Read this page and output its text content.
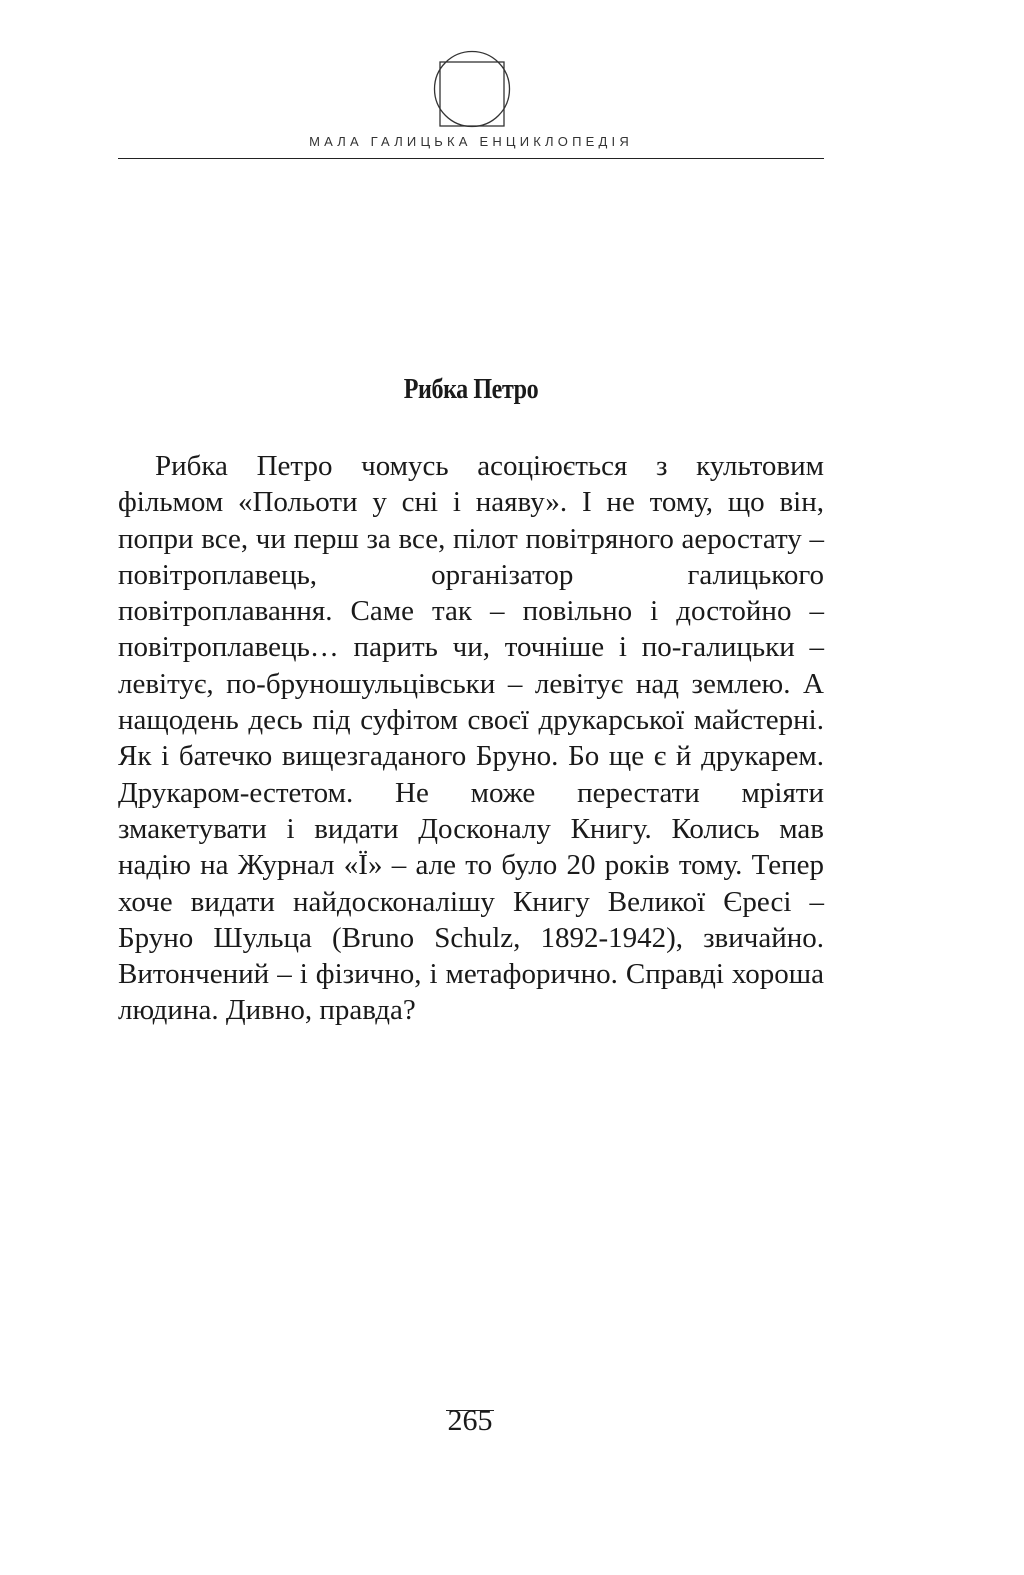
МАЛА ГАЛИЦЬКА ЕНЦИКЛОПЕДІЯ
Рибка Петро

Рибка Петро чомусь асоціюється з культовим фільмом «Польоти у сні і наяву». І не тому, що він, попри все, чи перш за все, пілот повітряного аеростату – повітроплавець, організатор галицького повітроплавання. Саме так – повільно і достойно – повітроплавець… парить чи, точніше і по-галицьки – левітує, по-бруношульцівськи – левітує над землею. А нащодень десь під суфітом своєї друкарської майстерні. Як і батечко вищезгаданого Бруно. Бо ще є й друкарем. Друкаром-естетом. Не може перестати мріяти змакетувати і видати Досконалу Книгу. Колись мав надію на Журнал «Ї» – але то було 20 років тому. Тепер хоче видати найдосконалішу Книгу Великої Єресі – Бруно Шульца (Bruno Schulz, 1892-1942), звичайно. Витончений – і фізично, і метафорично. Справді хороша людина. Дивно, правда?

265
